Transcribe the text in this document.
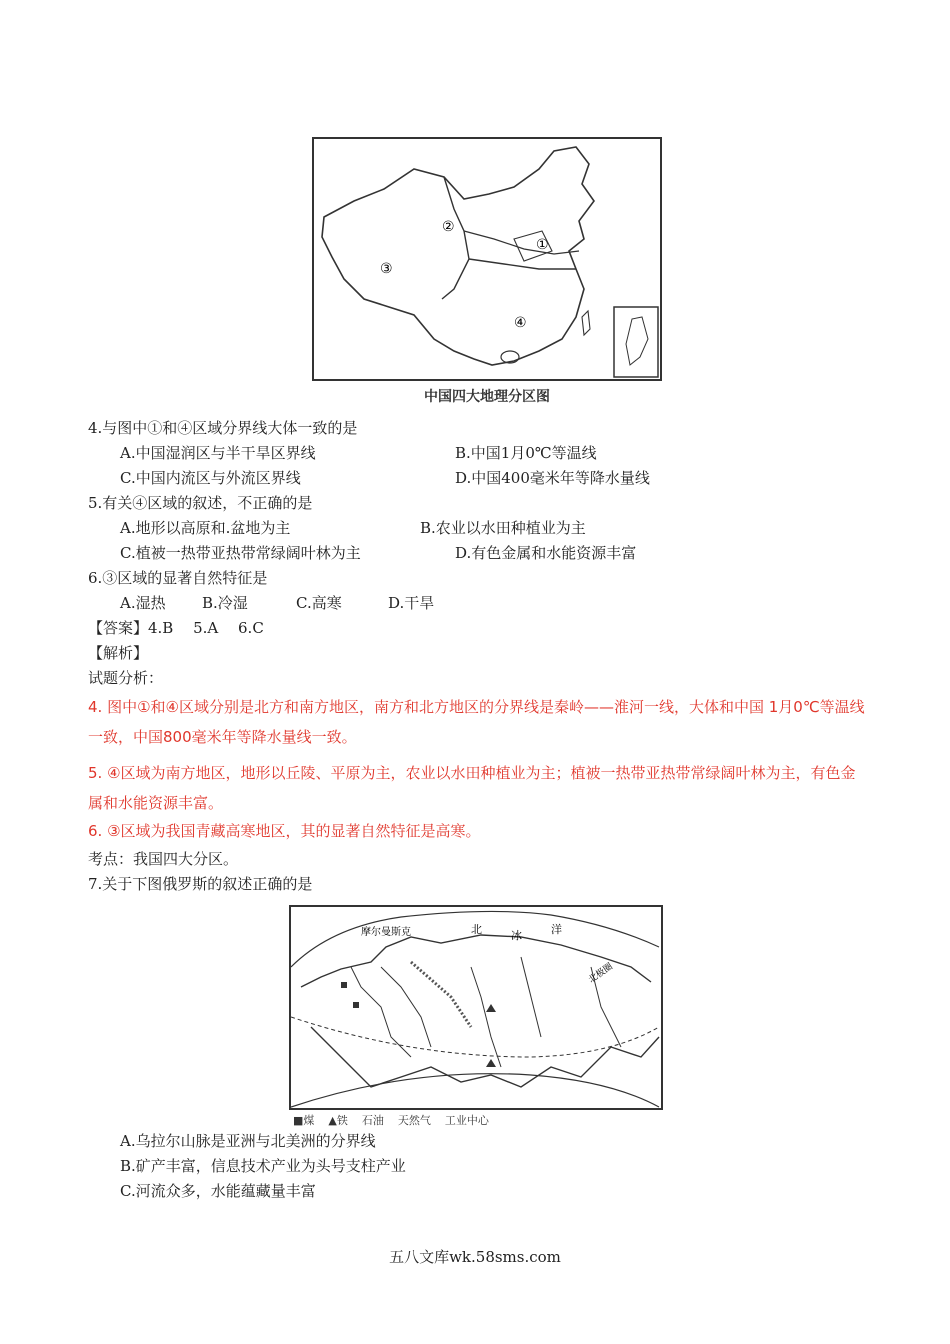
①
②
③
④
中国四大地理分区图
4.与图中①和④区域分界线大体一致的是
A.中国湿润区与半干旱区界线	B.中国1月0℃等温线
C.中国内流区与外流区界线	D.中国400毫米年等降水量线
5.有关④区域的叙述，不正确的是
A.地形以高原和.盆地为主	B.农业以水田种植业为主
C.植被一热带亚热带常绿阔叶林为主	D.有色金属和水能资源丰富
6.③区域的显著自然特征是
A.湿热 B.冷湿	C.高寒	D.干旱
【答案】4.B　 5.A　 6.C
【解析】
试题分析：
4. 图中①和④区域分别是北方和南方地区，南方和北方地区的分界线是秦岭——淮河一线，大体和中国 1月0℃等温线一致，中国800毫米年等降水量线一致。
5. ④区域为南方地区，地形以丘陵、平原为主，农业以水田种植业为主；植被一热带亚热带常绿阔叶林为主，有色金属和水能资源丰富。
6. ③区域为我国青藏高寒地区，其的显著自然特征是高寒。
考点：我国四大分区。
7.关于下图俄罗斯的叙述正确的是
北	冰	洋
摩尔曼斯克
北极圈
■煤 ▲铁 石油 天然气 工业中心
A.乌拉尔山脉是亚洲与北美洲的分界线
B.矿产丰富，信息技术产业为头号支柱产业
C.河流众多，水能蕴藏量丰富
五八文库wk.58sms.com
